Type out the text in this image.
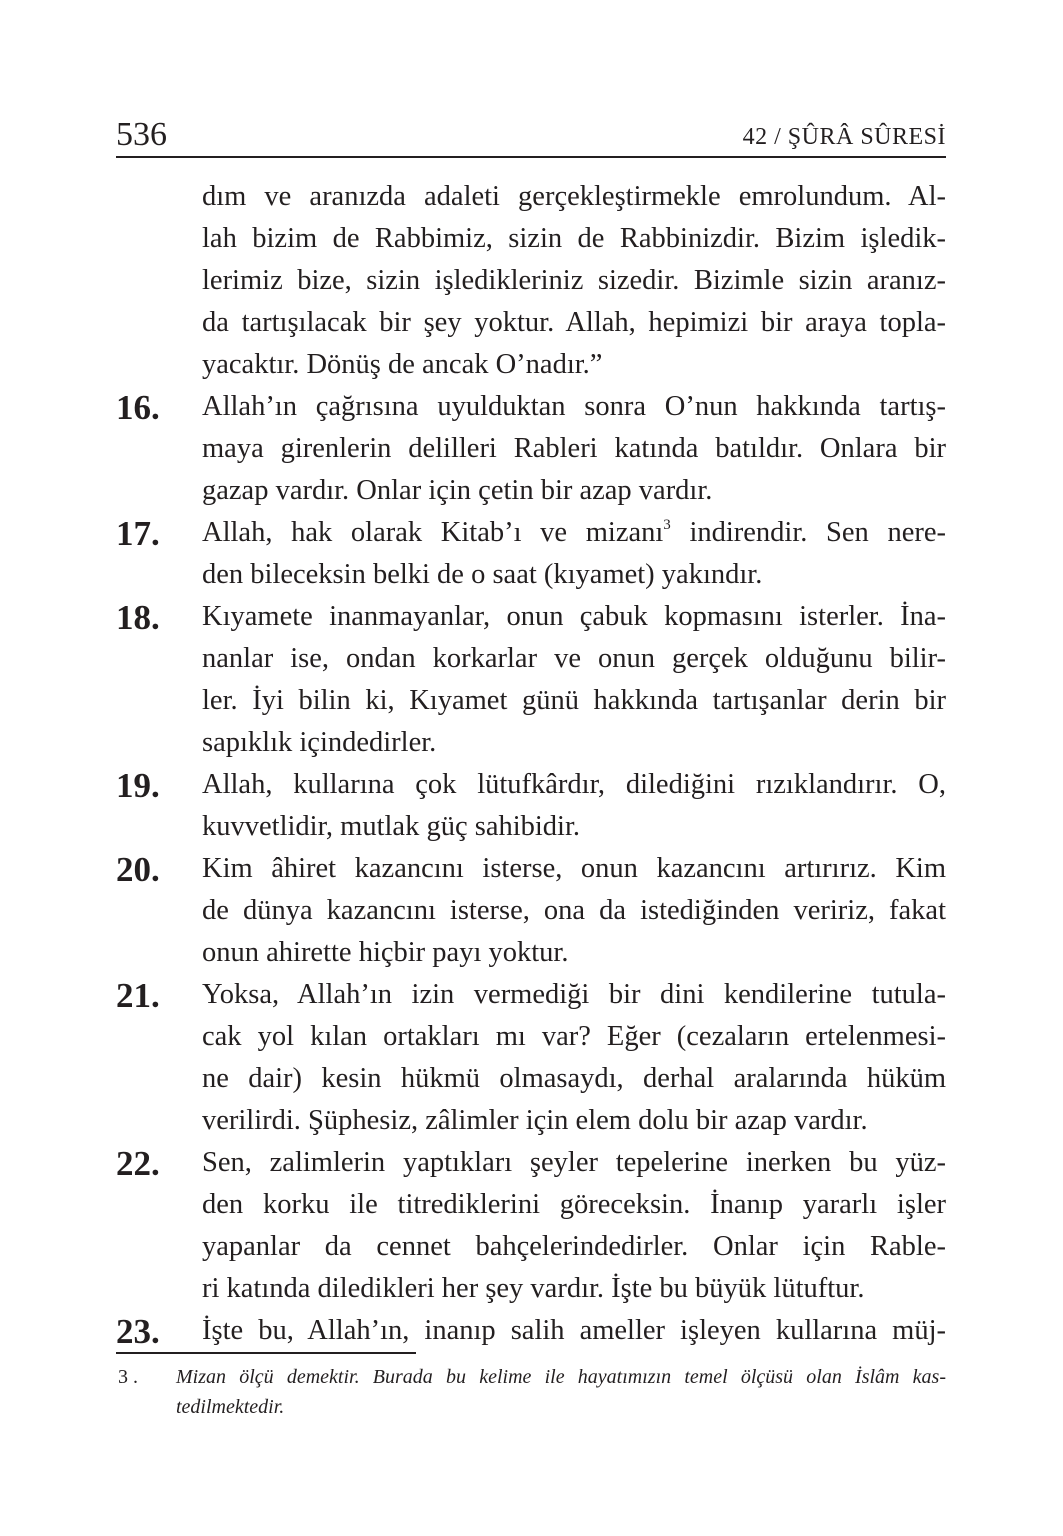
536	42 / ŞÛRÂ SÛRESİ
dım ve aranızda adaleti gerçekleştirmekle emrolundum. Al-
lah bizim de Rabbimiz, sizin de Rabbinizdir. Bizim işledik-
lerimiz bize, sizin işledikleriniz sizedir. Bizimle sizin aranız-
da tartışılacak bir şey yoktur. Allah, hepimizi bir araya topla-
yacaktır. Dönüş de ancak O’nadır.”
16. Allah’ın çağrısına uyulduktan sonra O’nun hakkında tartış-
maya girenlerin delilleri Rableri katında batıldır. Onlara bir
gazap vardır. Onlar için çetin bir azap vardır.
17. Allah, hak olarak Kitab’ı ve mizanı$^3$ indirendir. Sen nere-
den bileceksin belki de o saat (kıyamet) yakındır.
18. Kıyamete inanmayanlar, onun çabuk kopmasını isterler. İna-
nanlar ise, ondan korkarlar ve onun gerçek olduğunu bilir-
ler. İyi bilin ki, Kıyamet günü hakkında tartışanlar derin bir
sapıklık içindedirler.
19. Allah, kullarına çok lütufkârdır, dilediğini rızıklandırır. O,
kuvvetlidir, mutlak güç sahibidir.
20. Kim âhiret kazancını isterse, onun kazancını artırırız. Kim
de dünya kazancını isterse, ona da istediğinden veririz, fakat
onun ahirette hiçbir payı yoktur.
21. Yoksa, Allah’ın izin vermediği bir dini kendilerine tutula-
cak yol kılan ortakları mı var? Eğer (cezaların ertelenmesi-
ne dair) kesin hükmü olmasaydı, derhal aralarında hüküm
verilirdi. Şüphesiz, zâlimler için elem dolu bir azap vardır.
22. Sen, zalimlerin yaptıkları şeyler tepelerine inerken bu yüz-
den korku ile titrediklerini göreceksin. İnanıp yararlı işler
yapanlar da cennet bahçelerindedirler. Onlar için Rable-
ri katında diledikleri her şey vardır. İşte bu büyük lütuftur.
23. İşte bu, Allah’ın, inanıp salih ameller işleyen kullarına müj-
3 . Mizan ölçü demektir. Burada bu kelime ile hayatımızın temel ölçüsü olan İslâm kas-
tedilmektedir.
